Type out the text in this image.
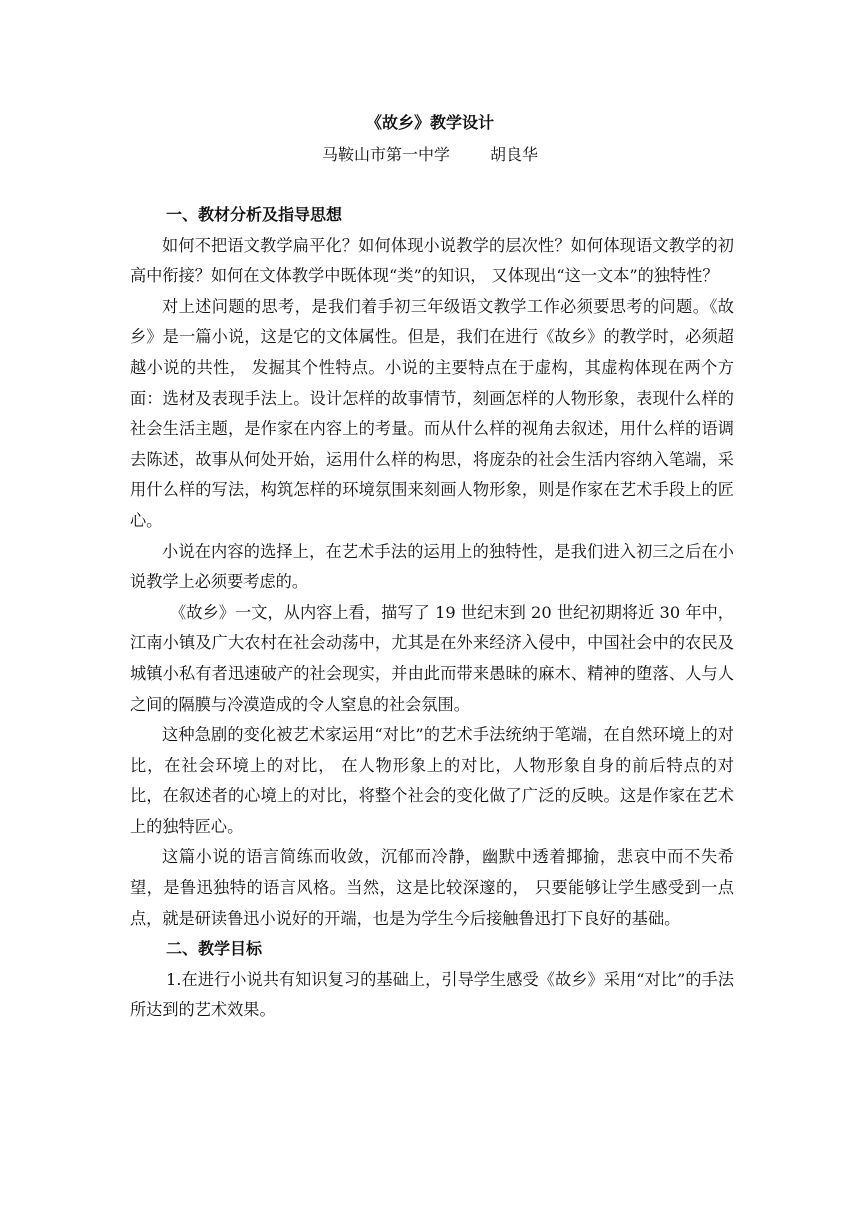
《故乡》教学设计
马鞍山市第一中学	胡良华

一、教材分析及指导思想

如何不把语文教学扁平化？如何体现小说教学的层次性？如何体现语文教学的初高中衔接？如何在文体教学中既体现“类”的知识， 又体现出“这一文本”的独特性？

对上述问题的思考，是我们着手初三年级语文教学工作必须要思考的问题。《故乡》是一篇小说，这是它的文体属性。但是，我们在进行《故乡》的教学时，必须超越小说的共性， 发掘其个性特点。小说的主要特点在于虚构，其虚构体现在两个方面：选材及表现手法上。设计怎样的故事情节，刻画怎样的人物形象，表现什么样的社会生活主题，是作家在内容上的考量。而从什么样的视角去叙述，用什么样的语调去陈述，故事从何处开始，运用什么样的构思，将庞杂的社会生活内容纳入笔端，采用什么样的写法，构筑怎样的环境氛围来刻画人物形象，则是作家在艺术手段上的匠心。

小说在内容的选择上，在艺术手法的运用上的独特性，是我们进入初三之后在小说教学上必须要考虑的。

《故乡》一文，从内容上看，描写了 19 世纪末到 20 世纪初期将近 30 年中，江南小镇及广大农村在社会动荡中，尤其是在外来经济入侵中，中国社会中的农民及城镇小私有者迅速破产的社会现实，并由此而带来愚昧的麻木、精神的堕落、人与人之间的隔膜与冷漠造成的令人窒息的社会氛围。

这种急剧的变化被艺术家运用“对比”的艺术手法统纳于笔端，在自然环境上的对比，在社会环境上的对比， 在人物形象上的对比，人物形象自身的前后特点的对比，在叙述者的心境上的对比，将整个社会的变化做了广泛的反映。这是作家在艺术上的独特匠心。

这篇小说的语言简练而收敛，沉郁而冷静，幽默中透着揶揄，悲哀中而不失希望，是鲁迅独特的语言风格。当然，这是比较深邃的， 只要能够让学生感受到一点点，就是研读鲁迅小说好的开端，也是为学生今后接触鲁迅打下良好的基础。

二、教学目标

1.在进行小说共有知识复习的基础上，引导学生感受《故乡》采用“对比”的手法所达到的艺术效果。
